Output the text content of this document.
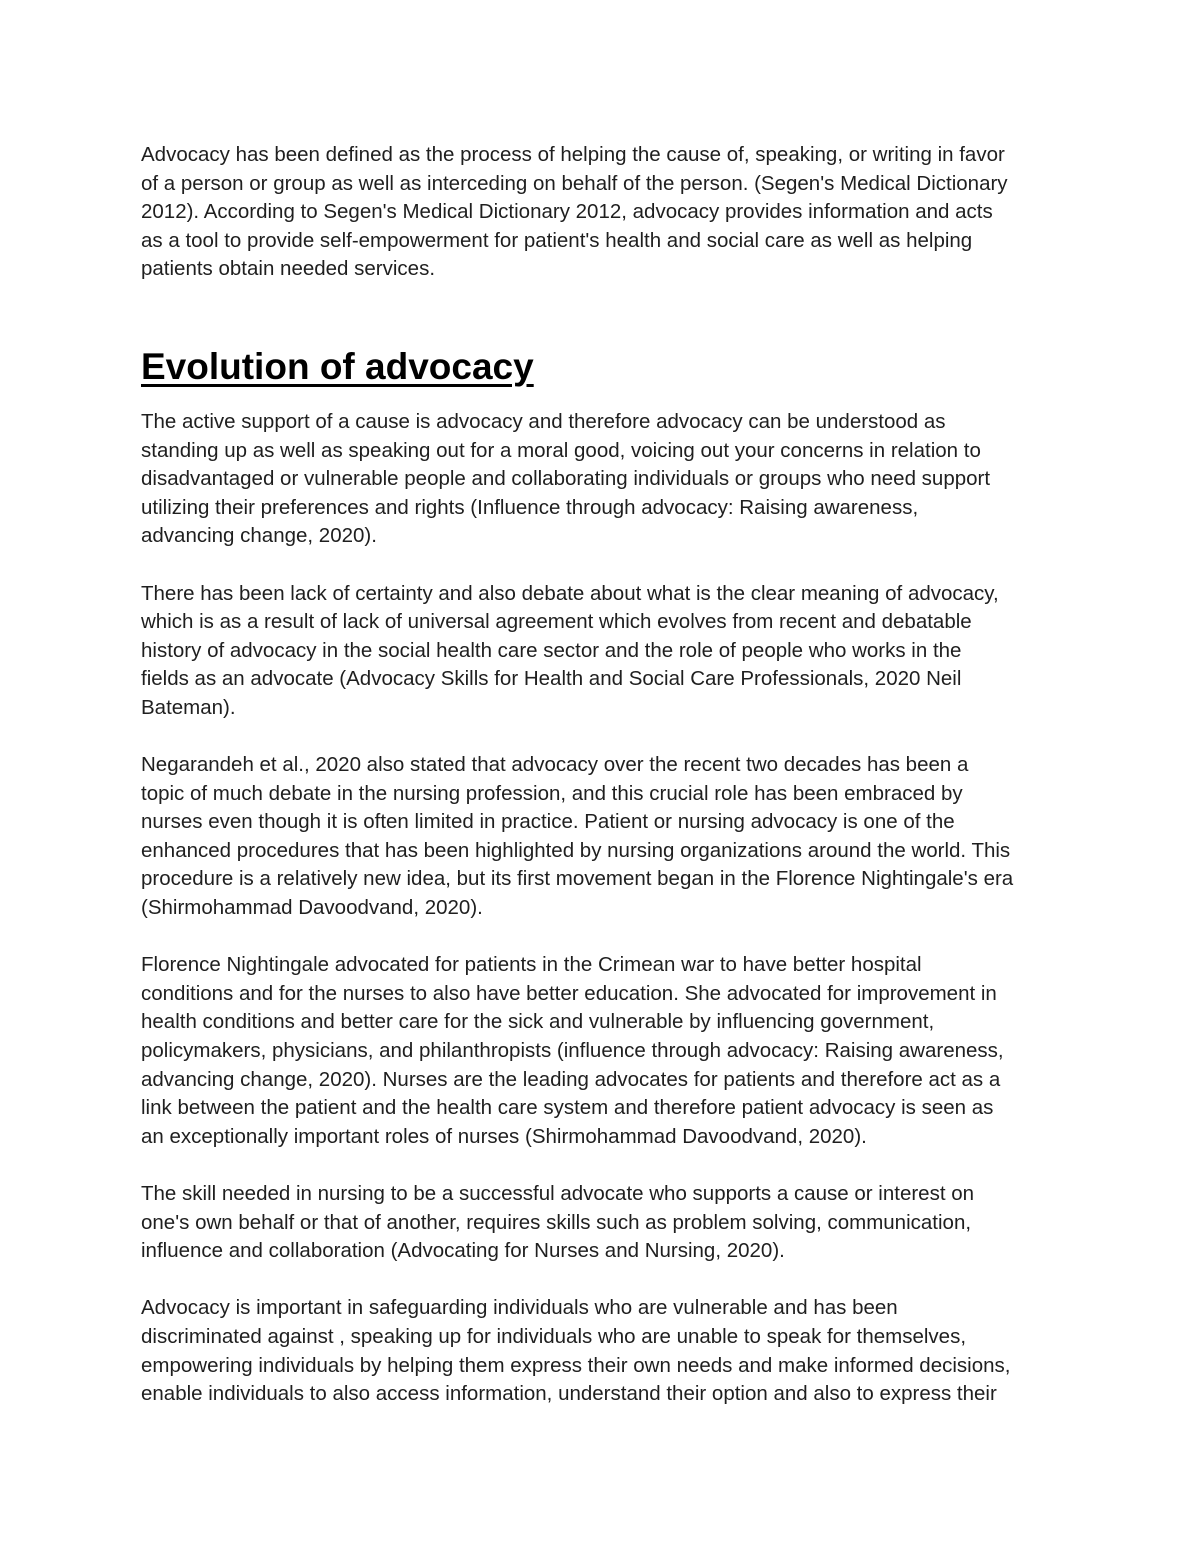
Advocacy has been defined as the process of helping the cause of, speaking, or writing in favor
of a person or group as well as interceding on behalf of the person. (Segen's Medical Dictionary
2012). According to Segen's Medical Dictionary 2012, advocacy provides information and acts
as a tool to provide self-empowerment for patient's health and social care as well as helping
patients obtain needed services.

Evolution of advocacy

The active support of a cause is advocacy and therefore advocacy can be understood as
standing up as well as speaking out for a moral good, voicing out your concerns in relation to
disadvantaged or vulnerable people and collaborating individuals or groups who need support
utilizing their preferences and rights (Influence through advocacy: Raising awareness,
advancing change, 2020).

There has been lack of certainty and also debate about what is the clear meaning of advocacy,
which is as a result of lack of universal agreement which evolves from recent and debatable
history of advocacy in the social health care sector and the role of people who works in the
fields as an advocate (Advocacy Skills for Health and Social Care Professionals, 2020 Neil
Bateman).

Negarandeh et al., 2020 also stated that advocacy over the recent two decades has been a
topic of much debate in the nursing profession, and this crucial role has been embraced by
nurses even though it is often limited in practice. Patient or nursing advocacy is one of the
enhanced procedures that has been highlighted by nursing organizations around the world. This
procedure is a relatively new idea, but its first movement began in the Florence Nightingale's era
(Shirmohammad Davoodvand, 2020).

Florence Nightingale advocated for patients in the Crimean war to have better hospital
conditions and for the nurses to also have better education. She advocated for improvement in
health conditions and better care for the sick and vulnerable by influencing government,
policymakers, physicians, and philanthropists (influence through advocacy: Raising awareness,
advancing change, 2020). Nurses are the leading advocates for patients and therefore act as a
link between the patient and the health care system and therefore patient advocacy is seen as
an exceptionally important roles of nurses (Shirmohammad Davoodvand, 2020).

The skill needed in nursing to be a successful advocate who supports a cause or interest on
one's own behalf or that of another, requires skills such as problem solving, communication,
influence and collaboration (Advocating for Nurses and Nursing, 2020).

Advocacy is important in safeguarding individuals who are vulnerable and has been
discriminated against , speaking up for individuals who are unable to speak for themselves,
empowering individuals by helping them express their own needs and make informed decisions,
enable individuals to also access information, understand their option and also to express their
